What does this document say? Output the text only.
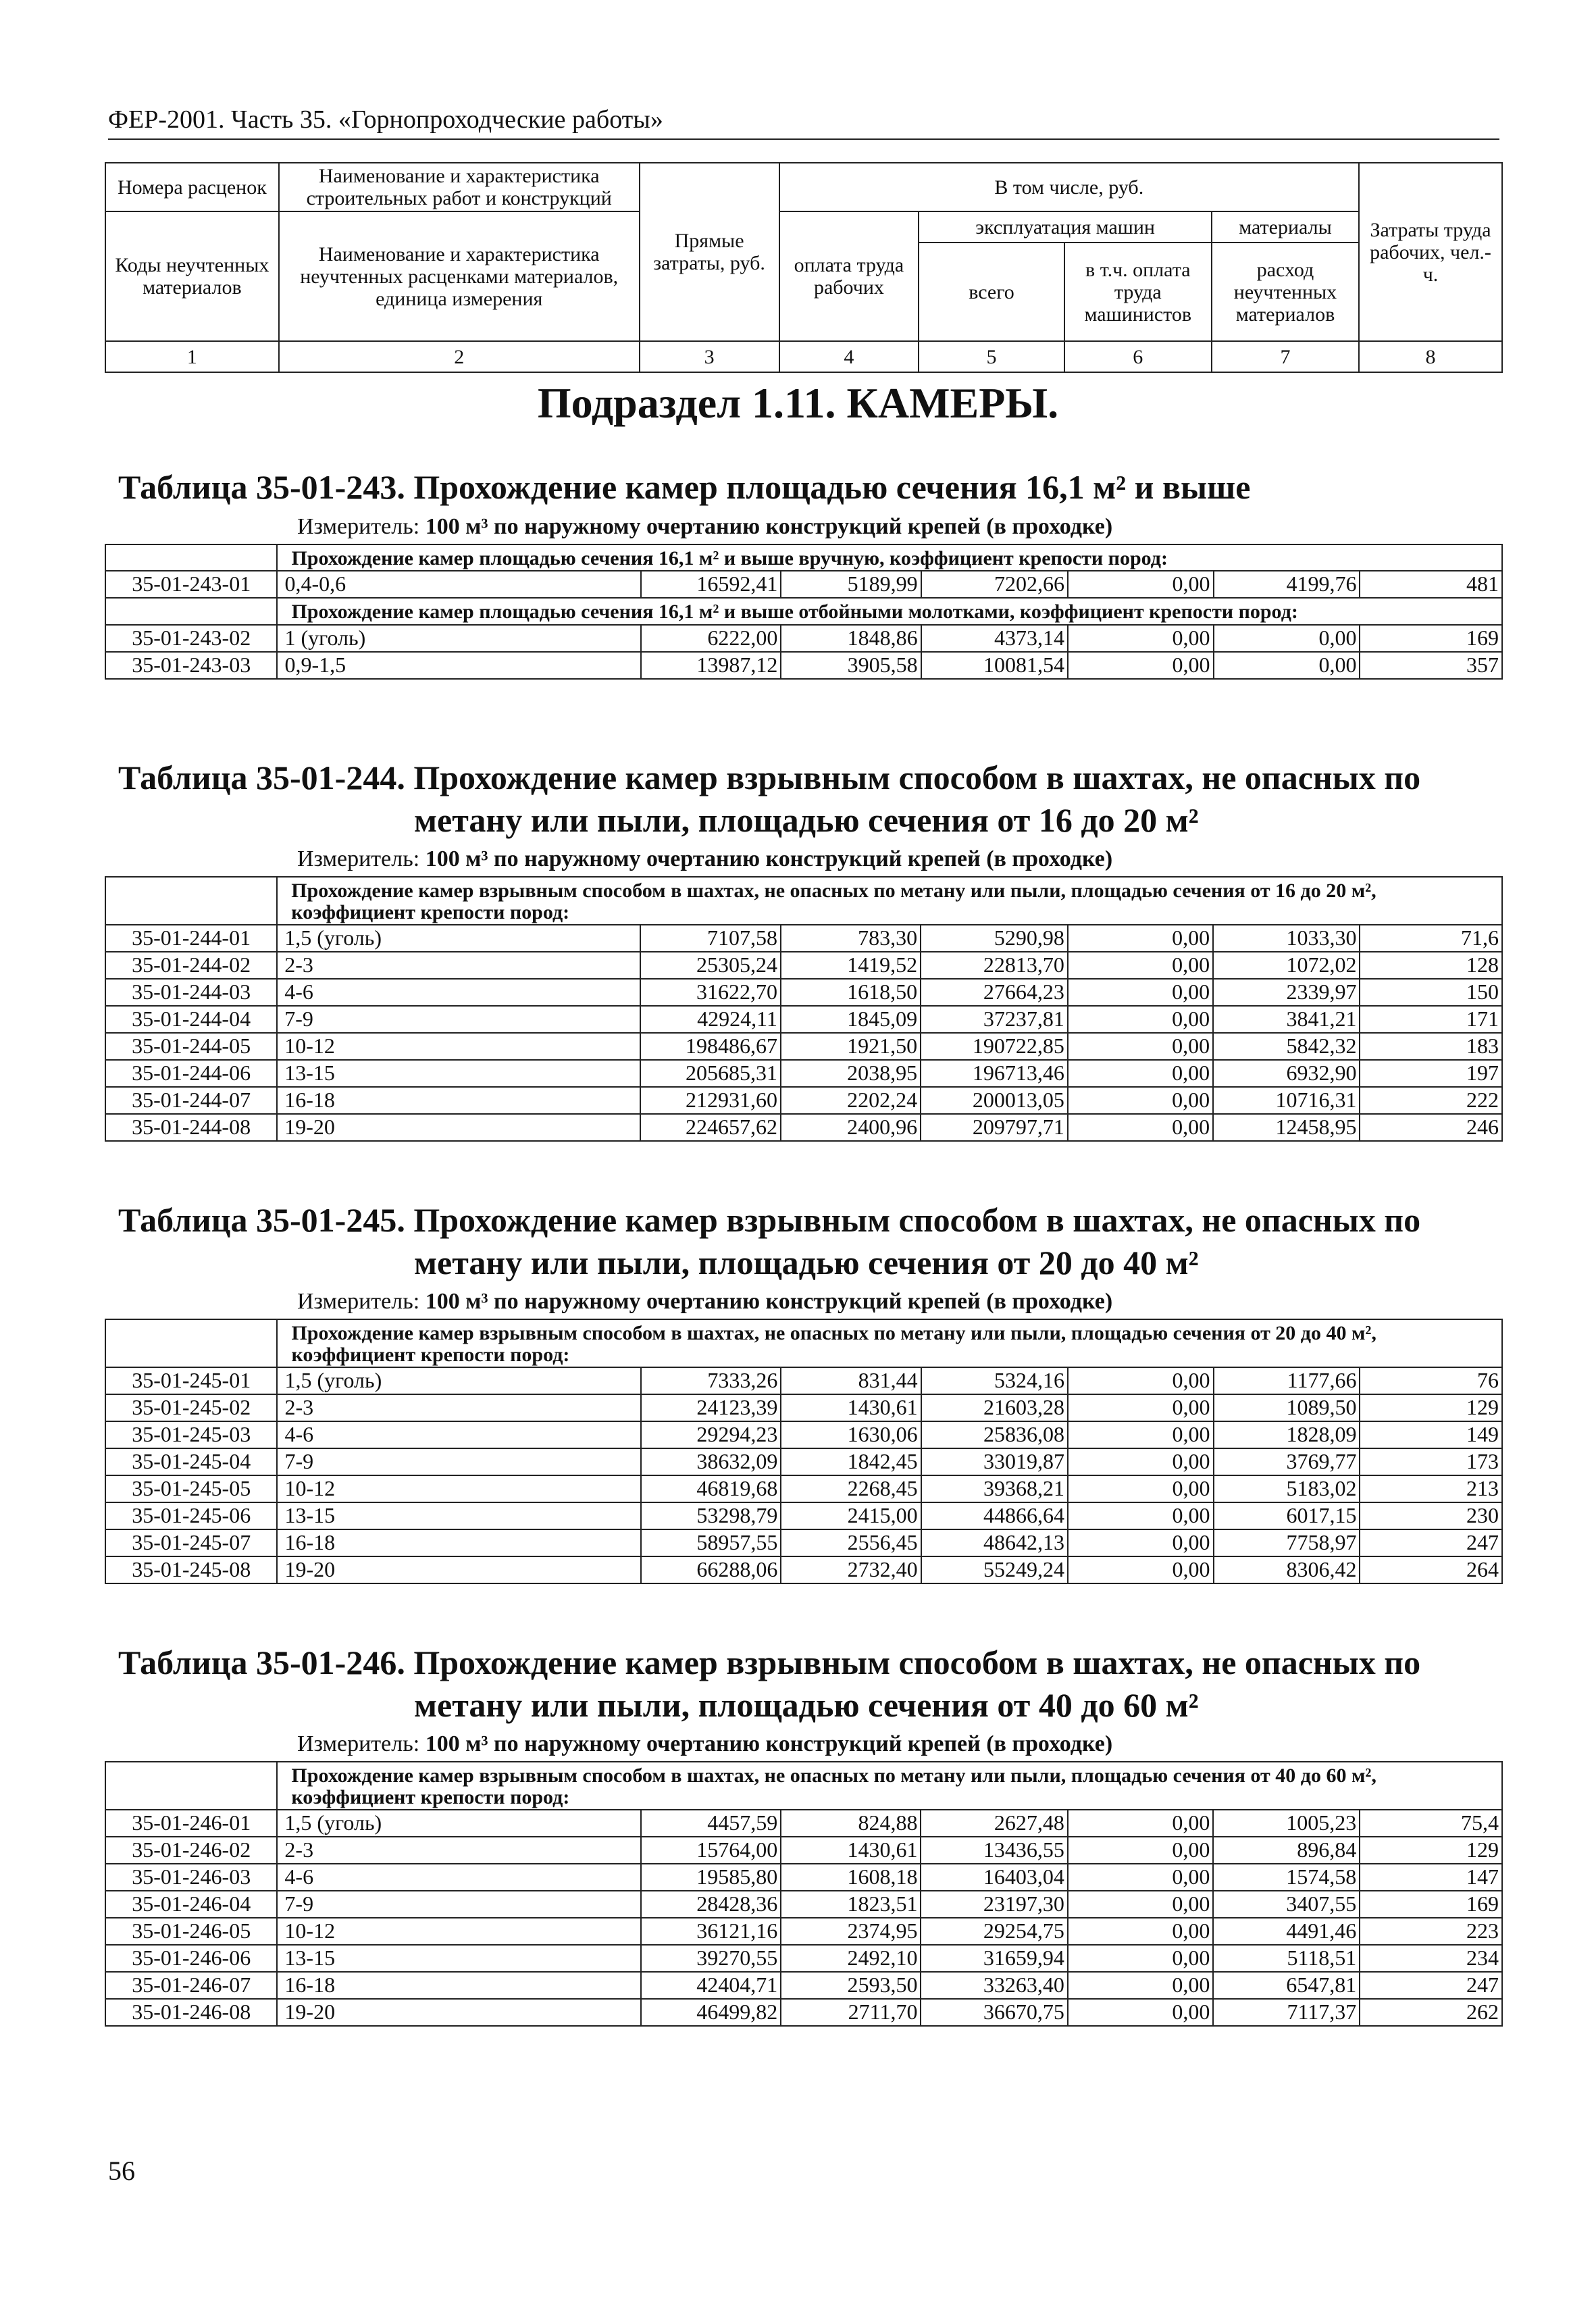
ФЕР-2001. Часть 35. «Горнопроходческие работы»
Номера расценок	Наименование и характеристика строительных работ и конструкций	Прямые затраты, руб.	В том числе, руб.				Затраты труда рабочих, чел.-ч.
Коды неучтенных материалов	Наименование и характеристика неучтенных расценками материалов, единица измерения		оплата труда рабочих	эксплуатация машин		материалы	
				всего	в т.ч. оплата труда машинистов	расход неучтенных материалов	
1	2	3	4	5	6	7	8
Подраздел 1.11. КАМЕРЫ.
Таблица 35-01-243. Прохождение камер площадью сечения 16,1 м² и выше
Измеритель: 100 м³ по наружному очертанию конструкций крепей (в проходке)
	Прохождение камер площадью сечения 16,1 м² и выше вручную, коэффициент крепости пород:						
35-01-243-01	0,4-0,6	16592,41	5189,99	7202,66	0,00	4199,76	481
	Прохождение камер площадью сечения 16,1 м² и выше отбойными молотками, коэффициент крепости пород:						
35-01-243-02	1 (уголь)	6222,00	1848,86	4373,14	0,00	0,00	169
35-01-243-03	0,9-1,5	13987,12	3905,58	10081,54	0,00	0,00	357
Таблица 35-01-244. Прохождение камер взрывным способом в шахтах, не опасных по
метану или пыли, площадью сечения от 16 до 20 м²
Измеритель: 100 м³ по наружному очертанию конструкций крепей (в проходке)
	Прохождение камер взрывным способом в шахтах, не опасных по метану или пыли, площадью сечения от 16 до 20 м², коэффициент крепости пород:						
35-01-244-01	1,5 (уголь)	7107,58	783,30	5290,98	0,00	1033,30	71,6
35-01-244-02	2-3	25305,24	1419,52	22813,70	0,00	1072,02	128
35-01-244-03	4-6	31622,70	1618,50	27664,23	0,00	2339,97	150
35-01-244-04	7-9	42924,11	1845,09	37237,81	0,00	3841,21	171
35-01-244-05	10-12	198486,67	1921,50	190722,85	0,00	5842,32	183
35-01-244-06	13-15	205685,31	2038,95	196713,46	0,00	6932,90	197
35-01-244-07	16-18	212931,60	2202,24	200013,05	0,00	10716,31	222
35-01-244-08	19-20	224657,62	2400,96	209797,71	0,00	12458,95	246
Таблица 35-01-245. Прохождение камер взрывным способом в шахтах, не опасных по
метану или пыли, площадью сечения от 20 до 40 м²
Измеритель: 100 м³ по наружному очертанию конструкций крепей (в проходке)
	Прохождение камер взрывным способом в шахтах, не опасных по метану или пыли, площадью сечения от 20 до 40 м², коэффициент крепости пород:						
35-01-245-01	1,5 (уголь)	7333,26	831,44	5324,16	0,00	1177,66	76
35-01-245-02	2-3	24123,39	1430,61	21603,28	0,00	1089,50	129
35-01-245-03	4-6	29294,23	1630,06	25836,08	0,00	1828,09	149
35-01-245-04	7-9	38632,09	1842,45	33019,87	0,00	3769,77	173
35-01-245-05	10-12	46819,68	2268,45	39368,21	0,00	5183,02	213
35-01-245-06	13-15	53298,79	2415,00	44866,64	0,00	6017,15	230
35-01-245-07	16-18	58957,55	2556,45	48642,13	0,00	7758,97	247
35-01-245-08	19-20	66288,06	2732,40	55249,24	0,00	8306,42	264
Таблица 35-01-246. Прохождение камер взрывным способом в шахтах, не опасных по
метану или пыли, площадью сечения от 40 до 60 м²
Измеритель: 100 м³ по наружному очертанию конструкций крепей (в проходке)
	Прохождение камер взрывным способом в шахтах, не опасных по метану или пыли, площадью сечения от 40 до 60 м², коэффициент крепости пород:						
35-01-246-01	1,5 (уголь)	4457,59	824,88	2627,48	0,00	1005,23	75,4
35-01-246-02	2-3	15764,00	1430,61	13436,55	0,00	896,84	129
35-01-246-03	4-6	19585,80	1608,18	16403,04	0,00	1574,58	147
35-01-246-04	7-9	28428,36	1823,51	23197,30	0,00	3407,55	169
35-01-246-05	10-12	36121,16	2374,95	29254,75	0,00	4491,46	223
35-01-246-06	13-15	39270,55	2492,10	31659,94	0,00	5118,51	234
35-01-246-07	16-18	42404,71	2593,50	33263,40	0,00	6547,81	247
35-01-246-08	19-20	46499,82	2711,70	36670,75	0,00	7117,37	262
56
